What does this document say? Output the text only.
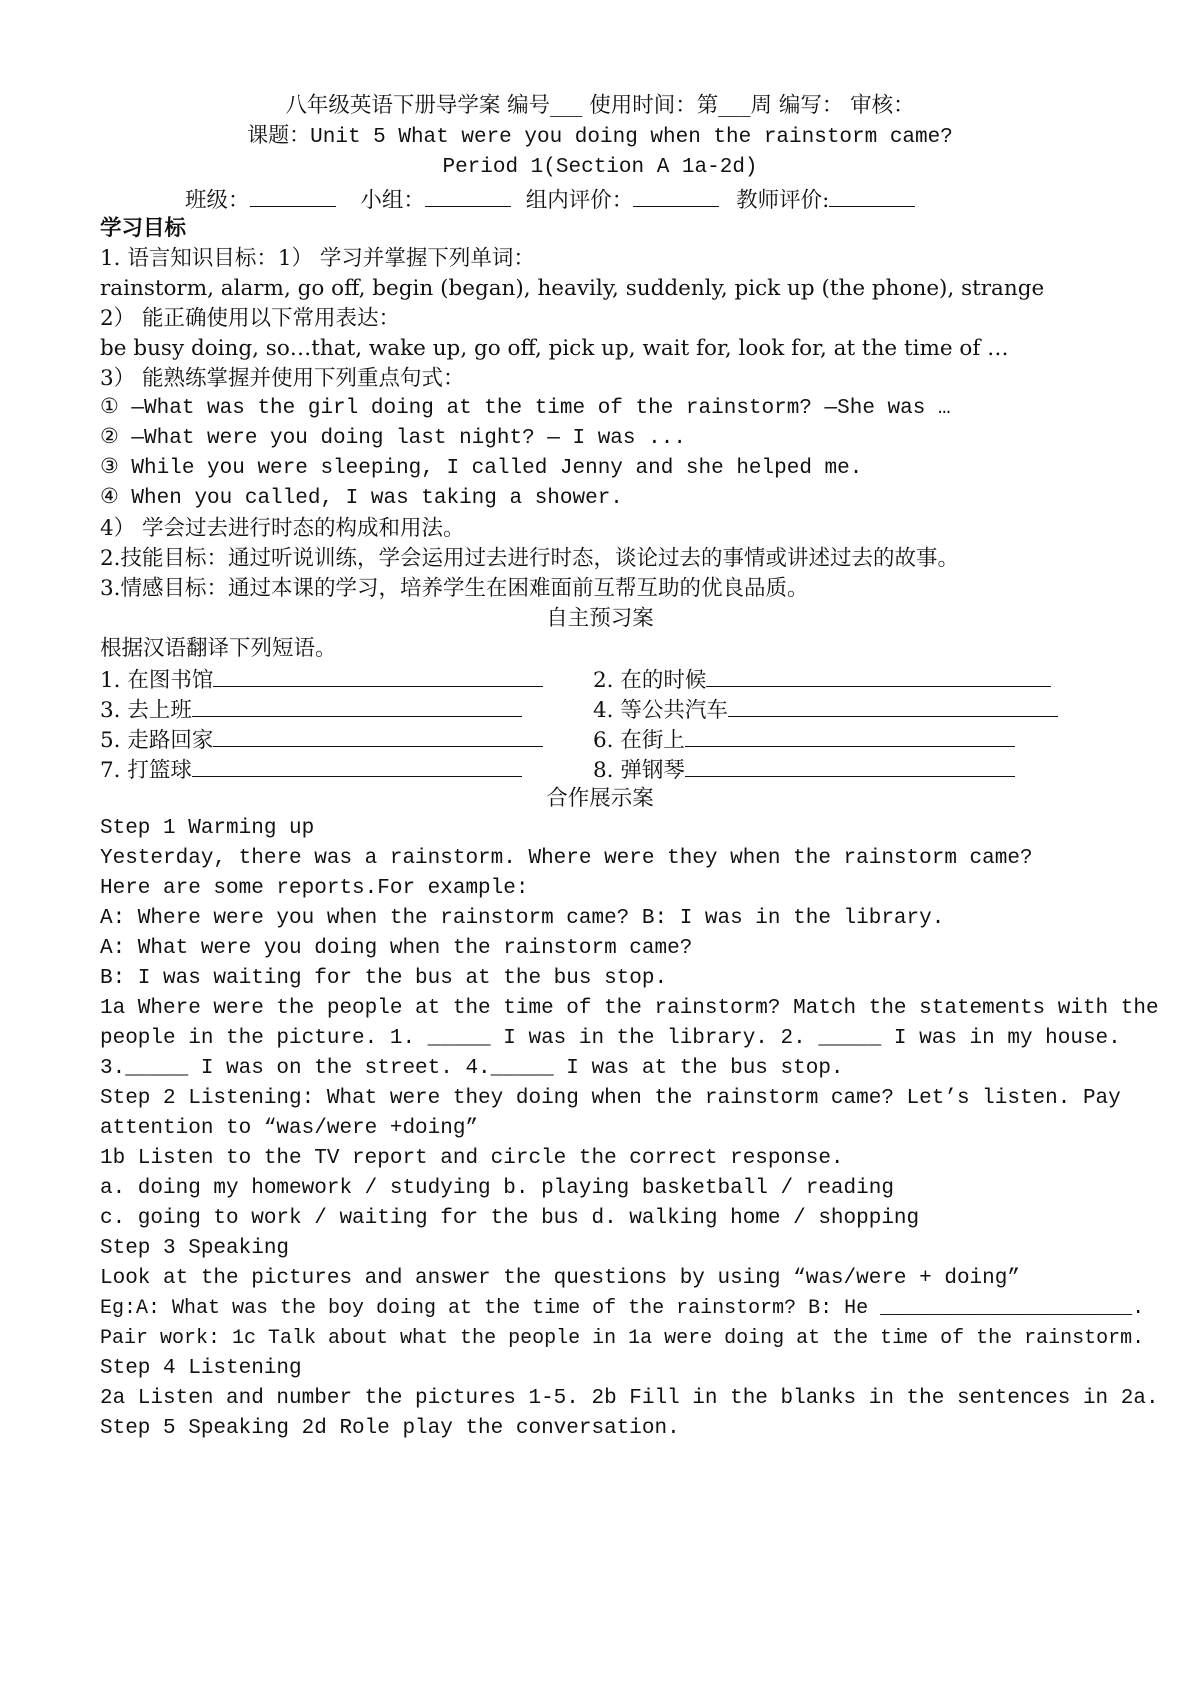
八年级英语下册导学案 编号___ 使用时间：第___周 编写： 审核：
课题：Unit 5 What were you doing when the rainstorm came?
Period 1(Section A 1a-2d)
班级：	小组：	组内评价：	教师评价:
学习目标
1. 语言知识目标：1） 学习并掌握下列单词：
rainstorm, alarm, go off, begin (began), heavily, suddenly, pick up (the phone), strange
2） 能正确使用以下常用表达：
be busy doing, so…that, wake up, go off, pick up, wait for, look for, at the time of …
3） 能熟练掌握并使用下列重点句式：
① —What was the girl doing at the time of the rainstorm? —She was …
② —What were you doing last night? — I was ...
③ While you were sleeping, I called Jenny and she helped me.
④ When you called, I was taking a shower.
4） 学会过去进行时态的构成和用法。
2.技能目标：通过听说训练，学会运用过去进行时态，谈论过去的事情或讲述过去的故事。
3.情感目标：通过本课的学习，培养学生在困难面前互帮互助的优良品质。
自主预习案
根据汉语翻译下列短语。
1. 在图书馆	2. 在的时候
3. 去上班	4. 等公共汽车
5. 走路回家	6. 在街上
7. 打篮球	8. 弹钢琴
合作展示案
Step 1 Warming up
Yesterday, there was a rainstorm. Where were they when the rainstorm came?
Here are some reports.For example:
A: Where were you when the rainstorm came? B: I was in the library.
A: What were you doing when the rainstorm came?
B: I was waiting for the bus at the bus stop.
1a Where were the people at the time of the rainstorm? Match the statements with the
people in the picture. 1. _____ I was in the library. 2. _____ I was in my house.
3._____ I was on the street. 4._____ I was at the bus stop.
Step 2 Listening: What were they doing when the rainstorm came? Let’s listen. Pay
attention to “was/were +doing”
1b Listen to the TV report and circle the correct response.
a. doing my homework / studying b. playing basketball / reading
c. going to work / waiting for the bus d. walking home / shopping
Step 3 Speaking
Look at the pictures and answer the questions by using “was/were + doing”
Eg:A: What was the boy doing at the time of the rainstorm? B: He _____________________.
Pair work: 1c Talk about what the people in 1a were doing at the time of the rainstorm.
Step 4 Listening
2a Listen and number the pictures 1-5. 2b Fill in the blanks in the sentences in 2a.
Step 5 Speaking 2d Role play the conversation.
